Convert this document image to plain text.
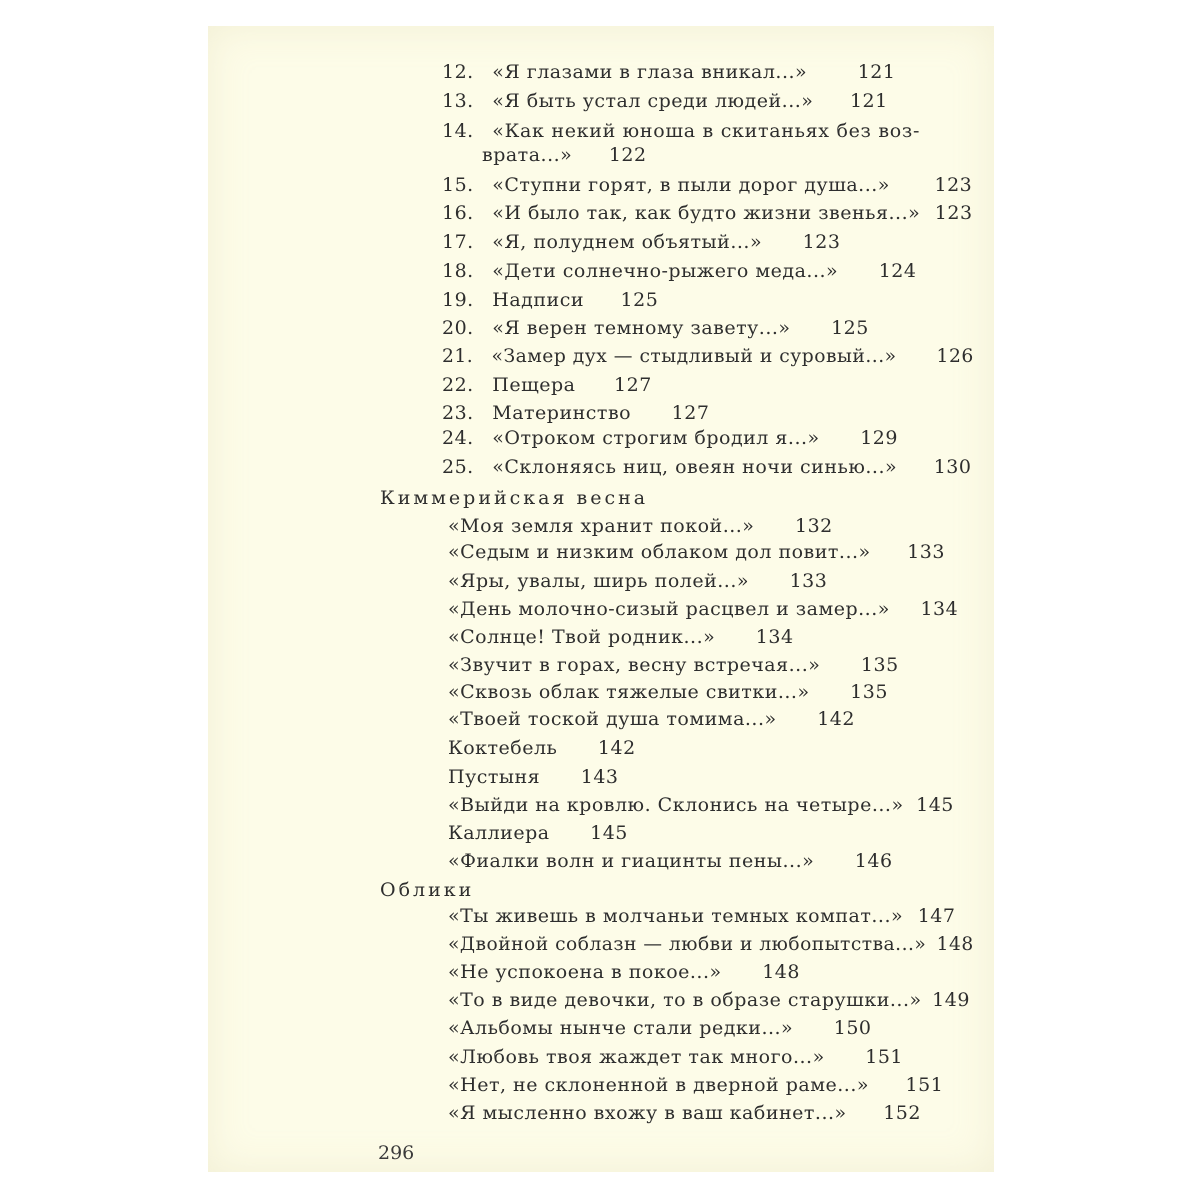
12. «Я глазами в глаза вникал...»	121
13. «Я быть устал среди людей...» 121
14. «Как некий юноша в скитаньях без воз-
врата...» 122
15. «Ступни горят, в пыли дорог душа...» 123
16. «И было так, как будто жизни звенья...» 123
17. «Я, полуднем объятый...» 123
18. «Дети солнечно-рыжего меда...» 124
19. Надписи 125
20. «Я верен темному завету...» 125
21. «Замер дух — стыдливый и суровый...» 126
22. Пещера 127
23. Материнство 127
24. «Отроком строгим бродил я...» 129
25. «Склоняясь ниц, овеян ночи синью...» 130
Киммерийская весна
«Моя земля хранит покой...» 132
«Седым и низким облаком дол повит...» 133
«Яры, увалы, ширь полей...» 133
«День молочно-сизый расцвел и замер...» 134
«Солнце! Твой родник...» 134
«Звучит в горах, весну встречая...» 135
«Сквозь облак тяжелые свитки...» 135
«Твоей тоской душа томима...» 142
Коктебель 142
Пустыня 143
«Выйди на кровлю. Склонись на четыре...» 145
Каллиера 145
«Фиалки волн и гиацинты пены...» 146
Облики
«Ты живешь в молчаньи темных компат...» 147
«Двойной соблазн — любви и любопытства...» 148
«Не успокоена в покое...» 148
«То в виде девочки, то в образе старушки...» 149
«Альбомы нынче стали редки...» 150
«Любовь твоя жаждет так много...» 151
«Нет, не склоненной в дверной раме...» 151
«Я мысленно вхожу в ваш кабинет...» 152
296
